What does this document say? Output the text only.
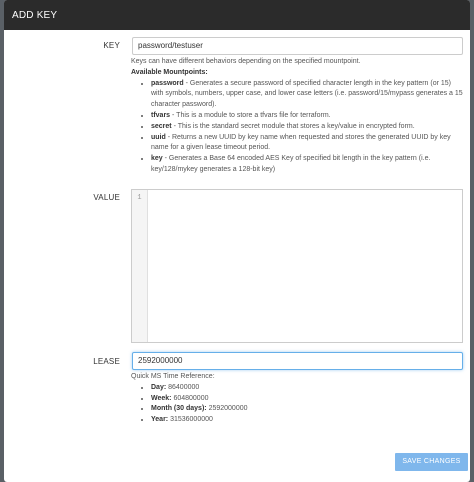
ADD KEY
KEY	password/testuser
Keys can have different behaviors depending on the specified mountpoint.
Available Mountpoints:
• password - Generates a secure password of specified character length in the key pattern (or 15) with symbols, numbers, upper case, and lower case letters (i.e. password/15/mypass generates a 15 character password).
• tfvars - This is a module to store a tfvars file for terraform.
• secret - This is the standard secret module that stores a key/value in encrypted form.
• uuid - Returns a new UUID by key name when requested and stores the generated UUID by key name for a given lease timeout period.
• key - Generates a Base 64 encoded AES Key of specified bit length in the key pattern (i.e. key/128/mykey generates a 128-bit key)
VALUE	1
LEASE	2592000000
Quick MS Time Reference:
• Day: 86400000
• Week: 604800000
• Month (30 days): 2592000000
• Year: 31536000000
SAVE CHANGES
